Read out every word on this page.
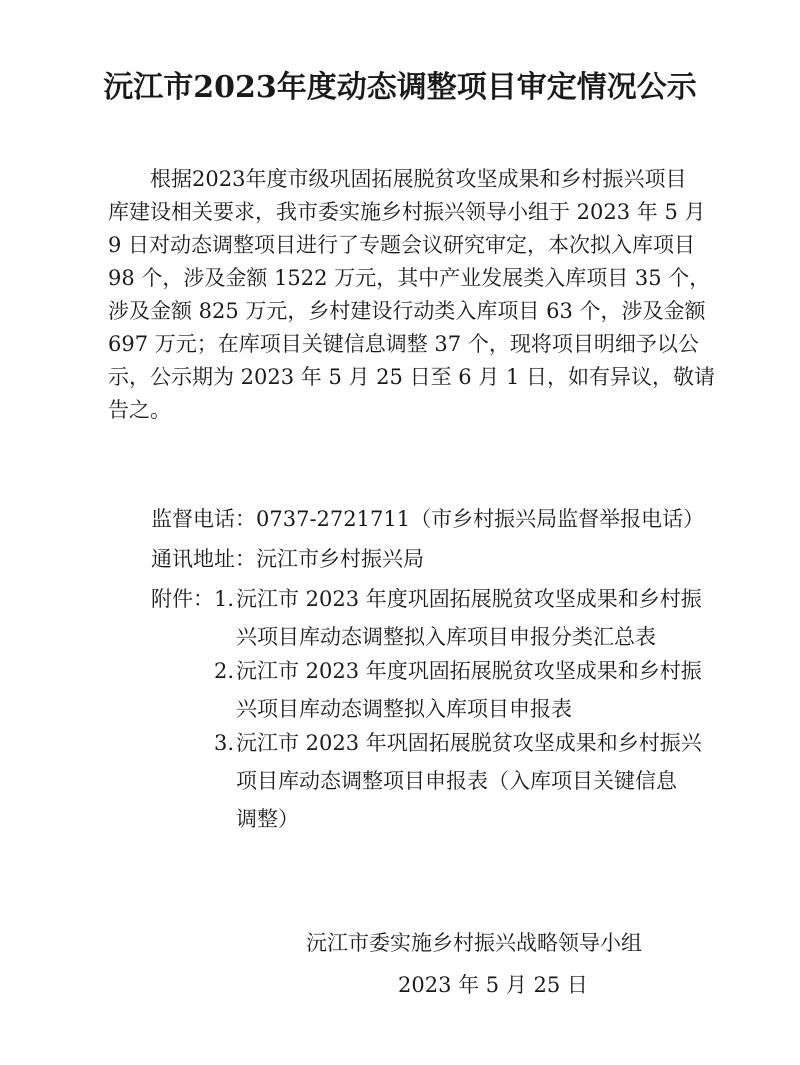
沅江市2023年度动态调整项目审定情况公示
根据2023年度市级巩固拓展脱贫攻坚成果和乡村振兴项目
库建设相关要求，我市委实施乡村振兴领导小组于 2023 年 5 月
9 日对动态调整项目进行了专题会议研究审定，本次拟入库项目
98 个，涉及金额 1522 万元，其中产业发展类入库项目 35 个，
涉及金额 825 万元，乡村建设行动类入库项目 63 个，涉及金额
697 万元；在库项目关键信息调整 37 个，现将项目明细予以公
示，公示期为 2023 年 5 月 25 日至 6 月 1 日，如有异议，敬请
告之。
监督电话：0737-2721711（市乡村振兴局监督举报电话）
通讯地址：沅江市乡村振兴局
附件： 1. 沅江市 2023 年度巩固拓展脱贫攻坚成果和乡村振
兴项目库动态调整拟入库项目申报分类汇总表
2. 沅江市 2023 年度巩固拓展脱贫攻坚成果和乡村振
兴项目库动态调整拟入库项目申报表
3. 沅江市 2023 年巩固拓展脱贫攻坚成果和乡村振兴
项目库动态调整项目申报表（入库项目关键信息
调整）
沅江市委实施乡村振兴战略领导小组
2023 年 5 月 25 日
